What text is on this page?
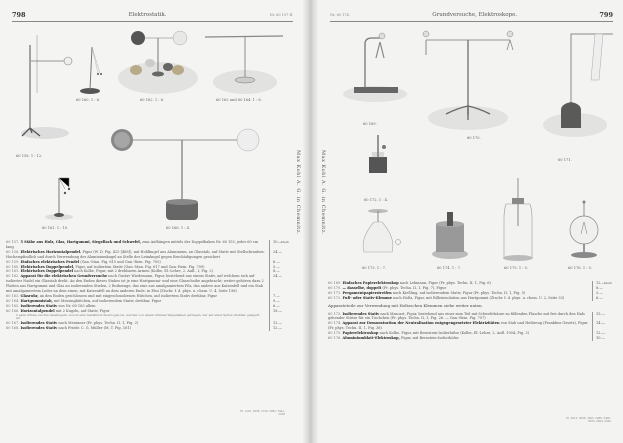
798	Elektrostatik.	Nr. 60 157 ff.
60 158. 1 : 12.
60 160. 1 : 6.	60 162. 1 : 6.	60 163 und 60 164. 1 : 6.
60 161. 1 : 10.	60 166. 1 : 4.
Mark
60 157. 5 Stäbe aus Holz, Glas, Hartgummi, Siegellack und Schwefel, zum Aufhängen mittels der Doppelhaken Nr. 60 155, jeder 60 cm lang
10.—
60 158. Elektrisches Horizontalpendel. Figur (W. D. Fig. 425 [468]), mit Hohlkugel aus Aluminium, an Glasstab, auf Stativ mit Stellschrauben. Hochempfindlich und durch Verwendung der Aluminiumkugel an Stelle der Leimkugel gegen Beschädigungen gesichert
24.—
60 159. Einfaches elektrisches Pendel (Gan.-Man. Fig. 615 und Gan.-Rein. Fig. 705)	6.—
60 160. Elektrisches Doppelpendel, Figur, auf isoliertem Stativ (Gan.-Man. Fig. 617 und Gan.-Rein. Fig. 709)	5.—
60 161. Elektrisches Doppelpendel nach Kolbe, Figur, mit 2 drehbaren Armen (Kolbe, El.-Lehre, 2. Aufl., I, Fig. 2)	8.—
60 162. Apparat für die elektrischen Grundversuche nach Gustav Wiedemann, Figur, bestehend aus einem Stativ, auf welchem sich auf isolierter Nadel ein Glasstab dreht. An den Enden dieses Stabes ist je eine Hartgummi- und eine Glasscheibe angebracht; weiter gehören dazu 2 Platten aus Hartgummi und Glas an isolierenden Stielen, 2 Reibzeuge, das eine aus amalgamiertem Filz, das andere aus Katzenfell und ein Stab mit amalgamiertem Leder an dem einen, mit Katzenfell an dem anderen Ende, in Etui (Ztschr. f. d. phys. u. chem. U. 4, Seite 196)
24.—
60 163. Glasrohr, an den Enden geschlossen und mit eingeschmolzenen Hütchen, auf isoliertem Stativ drehbar, Figur	7.—
60 164. Hartgummistab, mit Messinghütchen, auf isolierendem Stativ, drehbar, Figur	9.—
60 165. Isolierendes Stativ von Nr. 60 163 allein	6.—
60 166. Horizontalpendel mit 2 Kugeln, auf Stativ, Figur
2 ganz dünne, leichte Glaskugeln, wovon eine metallisch überzogen ist, werden von einem dünnen Wagebalken getragen, der auf einer Spitze drehbar gelagert ist.
18.—
60 167. Isolierendes Stativ nach Mentaner (Fr. phys. Techn. II, 1, Fig. 2)	12.—
60 168. Isolierendes Stativ nach Friedr. C. G. Müller (M. T. Fig. 161)	12.—
El. 1225, 2668, 5734, 5882, 5941, 2050
Max Kohl A. G. in Chemnitz.
Nr. 60 174.	Grundversuche, Elektroskope.	799
Max Kohl A. G. in Chemnitz.
60 169.
60 170.
60 171.
60 172. 1 : 4.
60 173. 1 : 7.	60 174. 1 : 7.	60 175. 1 : 5.	60 176. 1 : 5.
Mark
60 169. Einfaches Papierelektroskop nach Lehmann, Figur (Fr. phys. Techn. II, 1, Fig. 6)	12.—
60 170. — dasselbe, doppelt (Fr. phys. Techn. II, 1, Fig. 7), Figur	8.—
60 171. Pergamentpapierstreifen nach Kießling, auf isolierendem Stativ, Figur (Fr. phys. Techn. II, 1, Fig. 5)	3.—
60 172. Fuß- oder Stativ-Klemme nach Holtz, Figur, mit Rilleinisolation aus Hartgummi (Ztschr. f. d. phys. u. chem. U. 2, Seite 33)	6.—
Apparateteile zur Verwendung mit Holtzschen Klemmen siehe weiter unten.
60 173. Isolierendes Stativ nach Mascart, Figur, bestehend aus einer zum Teil mit Schwefelsäure zu füllenden Flasche mit frei durch den Hals gehender Stütze für ein Tischchen (Fr. phys. Techn. II, 1, Fig. 26. — Gan.-Rein. Fig. 707)
15.—
60 174. Apparat zur Demonstration der Neutralisation entgegengesetzter Elektrizitäten von Stah und Heibreug (Franklins Gesetz), Figur (Fr. phys. Techn. II, 1, Fig. 38)
14.—
60 175. Papierelektroskop nach Kolbe, Figur, mit Bernstein-Isolierhülse (Kolbe, El.-Lehre, 2. Aufl. 1904, Fig. 3)	12.—
60 176. Aluminiumblatt-Elektroskop, Figur, mit Bernstein-Isolierhülse	10.—
El. 5813, 5608, 5805, 5986, 5495, 5683, 2904, 2945
